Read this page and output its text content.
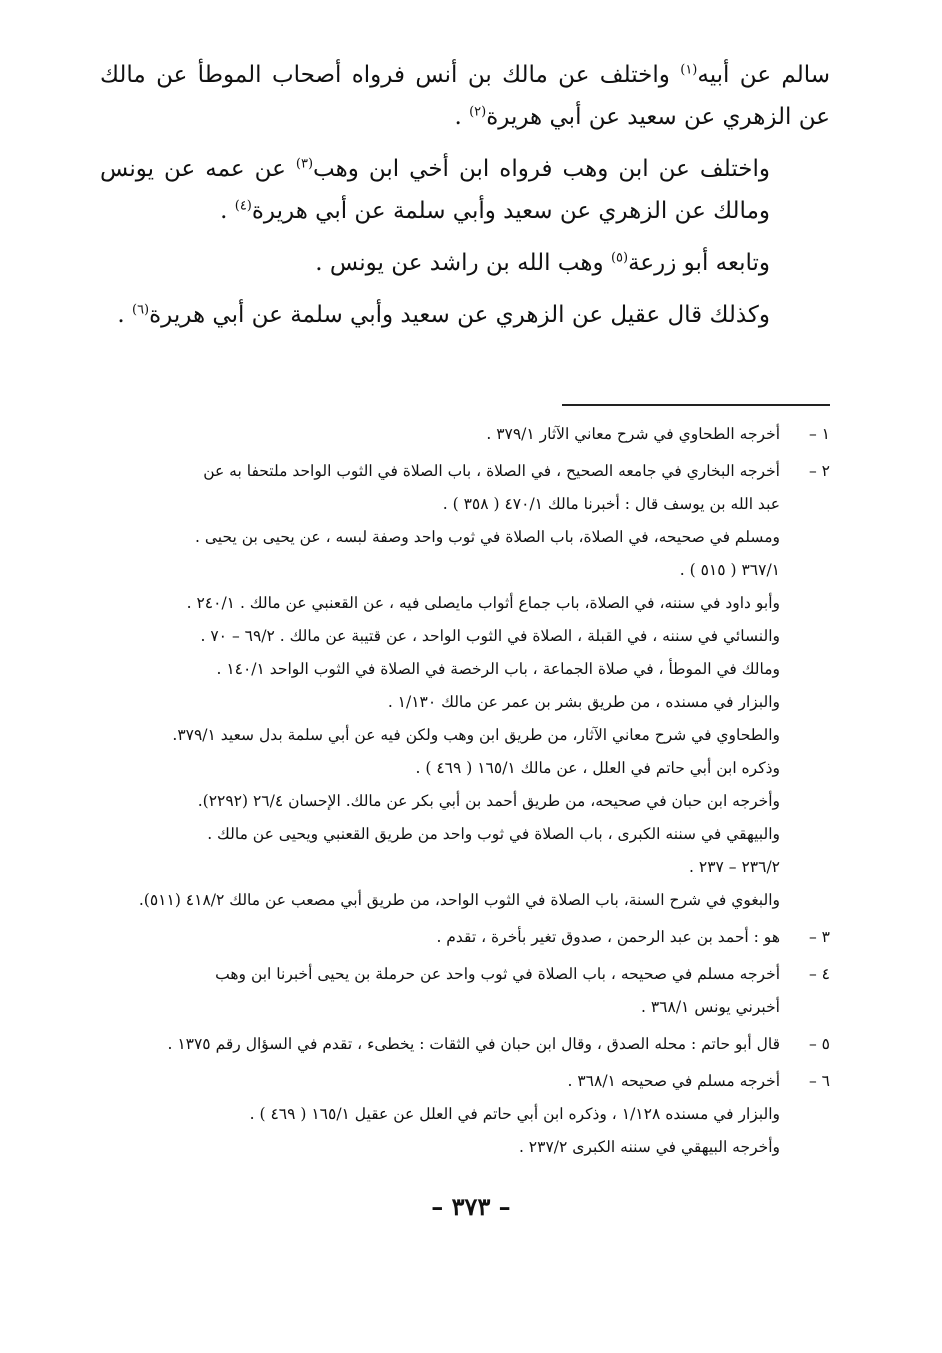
سالم عن أبيه$^{(١)}$ واختلف عن مالك بن أنس فرواه أصحاب الموطأ عن مالك عن الزهري عن سعيد عن أبي هريرة$^{(٢)}$ .

واختلف عن ابن وهب فرواه ابن أخي ابن وهب$^{(٣)}$ عن عمه عن يونس ومالك عن الزهري عن سعيد وأبي سلمة عن أبي هريرة$^{(٤)}$ .

وتابعه أبو زرعة$^{(٥)}$ وهب الله بن راشد عن يونس .

وكذلك قال عقيل عن الزهري عن سعيد وأبي سلمة عن أبي هريرة$^{(٦)}$ .

١ –

أخرجه الطحاوي في شرح معاني الآثار ٣٧٩/١ .

٢ –

أخرجه البخاري في جامعه الصحيح ، في الصلاة ، باب الصلاة في الثوب الواحد ملتحفا به عن

عبد الله بن يوسف قال : أخبرنا مالك ٤٧٠/١ ( ٣٥٨ ) .

ومسلم في صحيحه، في الصلاة، باب الصلاة في ثوب واحد وصفة لبسه ، عن يحيى بن يحيى .

٣٦٧/١ ( ٥١٥ ) .

وأبو داود في سننه، في الصلاة، باب جماع أثواب مايصلى فيه ، عن القعنبي عن مالك . ٢٤٠/١ .

والنسائي في سننه ، في القبلة ، الصلاة في الثوب الواحد ، عن قتيبة عن مالك . ٦٩/٢ – ٧٠ .

ومالك في الموطأ ، في صلاة الجماعة ، باب الرخصة في الصلاة في الثوب الواحد ١٤٠/١ .

والبزار في مسنده ، من طريق بشر بن عمر عن مالك ١/١٣٠ .

والطحاوي في شرح معاني الآثار، من طريق ابن وهب ولكن فيه عن أبي سلمة بدل سعيد ٣٧٩/١.

وذكره ابن أبي حاتم في العلل ، عن مالك ١٦٥/١ ( ٤٦٩ ) .

وأخرجه ابن حبان في صحيحه، من طريق أحمد بن أبي بكر عن مالك. الإحسان ٢٦/٤ (٢٢٩٢).

والبيهقي في سننه الكبرى ، باب الصلاة في ثوب واحد من طريق القعنبي ويحيى عن مالك .

٢٣٦/٢ – ٢٣٧ .

والبغوي في شرح السنة، باب الصلاة في الثوب الواحد، من طريق أبي مصعب عن مالك ٤١٨/٢ (٥١١).

٣ –

هو : أحمد بن عبد الرحمن ، صدوق تغير بأخرة ، تقدم .

٤ –

أخرجه مسلم في صحيحه ، باب الصلاة في ثوب واحد عن حرملة بن يحيى أخبرنا ابن وهب

أخبرني يونس ٣٦٨/١ .

٥ –

قال أبو حاتم : محله الصدق ، وقال ابن حبان في الثقات : يخطىء ، تقدم في السؤال رقم ١٣٧٥ .

٦ –

أخرجه مسلم في صحيحه ٣٦٨/١ .

والبزار في مسنده ١/١٢٨ ، وذكره ابن أبي حاتم في العلل عن عقيل ١٦٥/١ ( ٤٦٩ ) .

وأخرجه البيهقي في سننه الكبرى ٢٣٧/٢ .

– ٣٧٣ –
